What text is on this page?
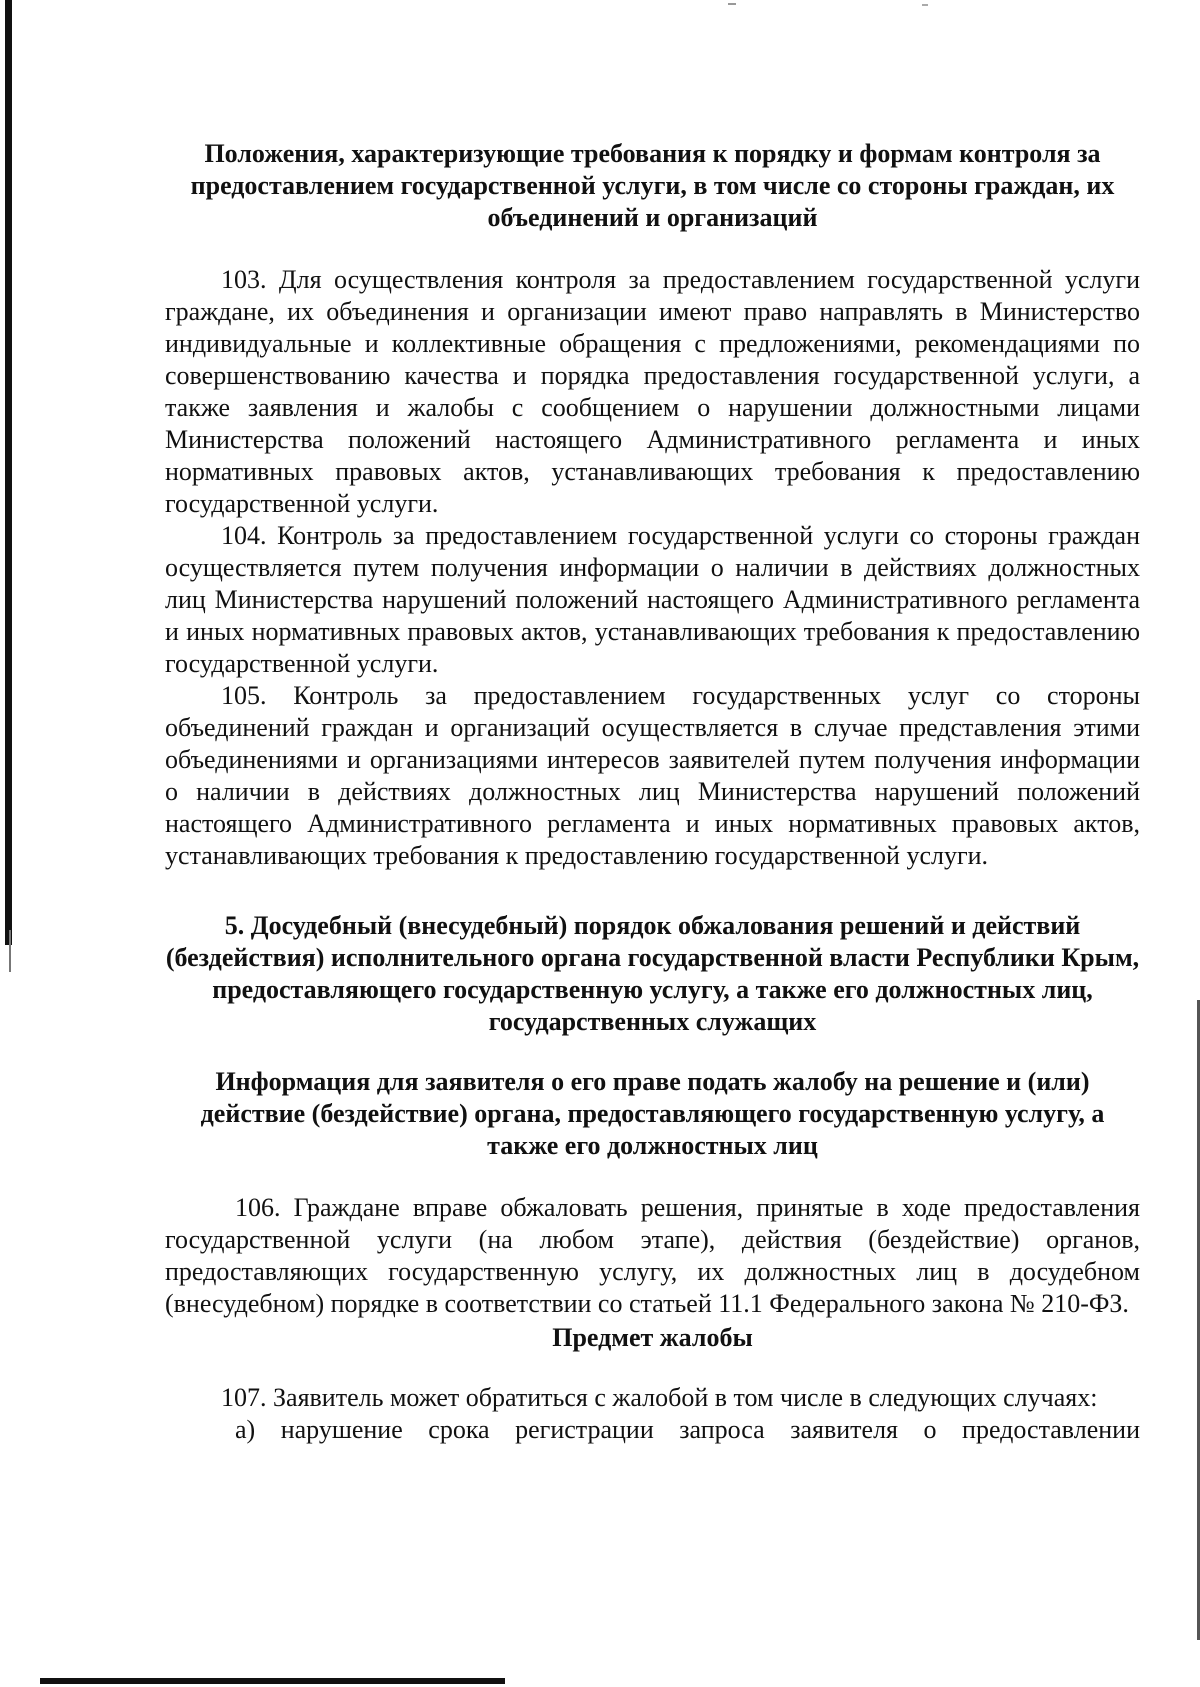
Положения, характеризующие требования к порядку и формам контроля за предоставлением государственной услуги, в том числе со стороны граждан, их объединений и организаций

103. Для осуществления контроля за предоставлением государственной услуги граждане, их объединения и организации имеют право направлять в Министерство индивидуальные и коллективные обращения с предложениями, рекомендациями по совершенствованию качества и порядка предоставления государственной услуги, а также заявления и жалобы с сообщением о нарушении должностными лицами Министерства положений настоящего Административного регламента и иных нормативных правовых актов, устанавливающих требования к предоставлению государственной услуги.

104. Контроль за предоставлением государственной услуги со стороны граждан осуществляется путем получения информации о наличии в действиях должностных лиц Министерства нарушений положений настоящего Административного регламента и иных нормативных правовых актов, устанавливающих требования к предоставлению государственной услуги.

105. Контроль за предоставлением государственных услуг со стороны объединений граждан и организаций осуществляется в случае представления этими объединениями и организациями интересов заявителей путем получения информации о наличии в действиях должностных лиц Министерства нарушений положений настоящего Административного регламента и иных нормативных правовых актов, устанавливающих требования к предоставлению государственной услуги.

5. Досудебный (внесудебный) порядок обжалования решений и действий (бездействия) исполнительного органа государственной власти Республики Крым, предоставляющего государственную услугу, а также его должностных лиц, государственных служащих

Информация для заявителя о его праве подать жалобу на решение и (или) действие (бездействие) органа, предоставляющего государственную услугу, а также его должностных лиц

106. Граждане вправе обжаловать решения, принятые в ходе предоставления государственной услуги (на любом этапе), действия (бездействие) органов, предоставляющих государственную услугу, их должностных лиц в досудебном (внесудебном) порядке в соответствии со статьей 11.1 Федерального закона № 210-ФЗ.

Предмет жалобы

107. Заявитель может обратиться с жалобой в том числе в следующих случаях:

а) нарушение срока регистрации запроса заявителя о предоставлении
